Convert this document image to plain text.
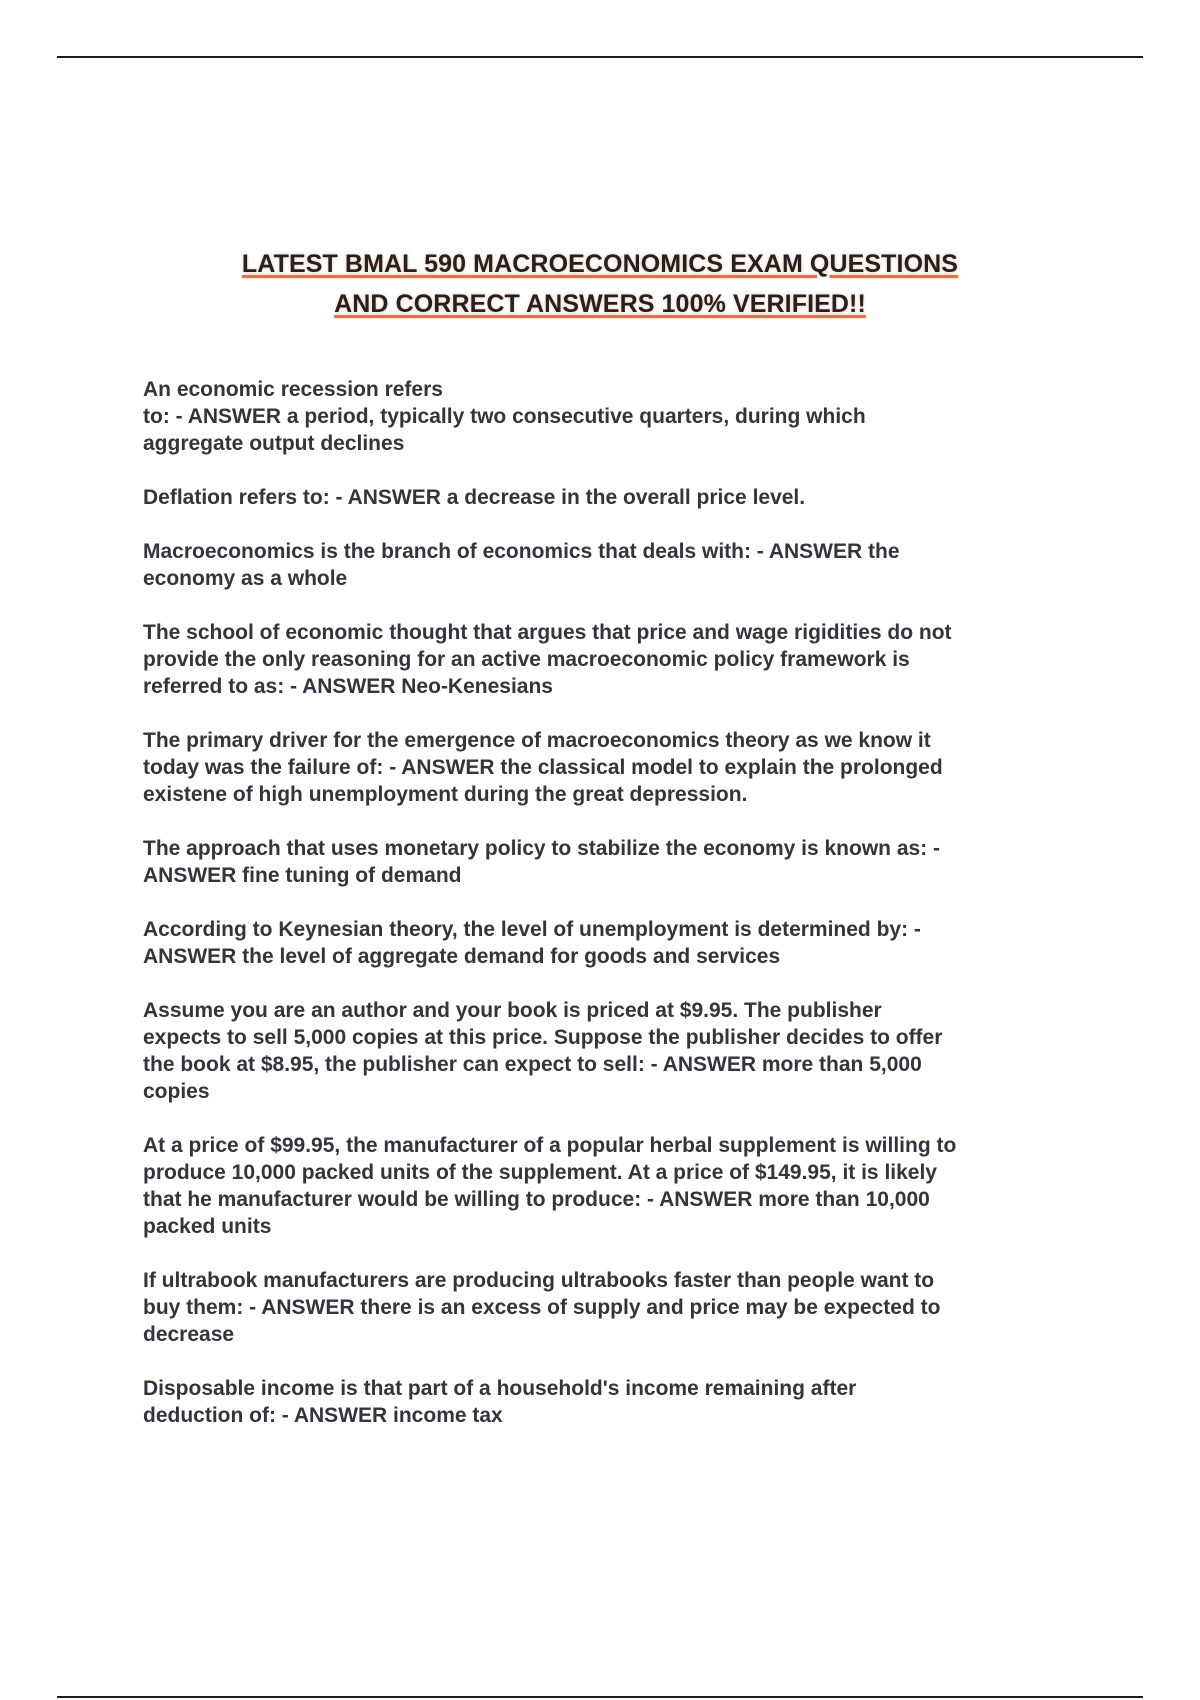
LATEST BMAL 590 MACROECONOMICS EXAM QUESTIONS
AND CORRECT ANSWERS 100% VERIFIED!!
An economic recession refers
to: - ANSWER a period, typically two consecutive quarters, during which
aggregate output declines
Deflation refers to: - ANSWER a decrease in the overall price level.
Macroeconomics is the branch of economics that deals with: - ANSWER the
economy as a whole
The school of economic thought that argues that price and wage rigidities do not
provide the only reasoning for an active macroeconomic policy framework is
referred to as: - ANSWER Neo-Kenesians
The primary driver for the emergence of macroeconomics theory as we know it
today was the failure of: - ANSWER the classical model to explain the prolonged
existene of high unemployment during the great depression.
The approach that uses monetary policy to stabilize the economy is known as: -
ANSWER fine tuning of demand
According to Keynesian theory, the level of unemployment is determined by: -
ANSWER the level of aggregate demand for goods and services
Assume you are an author and your book is priced at $9.95. The publisher
expects to sell 5,000 copies at this price. Suppose the publisher decides to offer
the book at $8.95, the publisher can expect to sell: - ANSWER more than 5,000
copies
At a price of $99.95, the manufacturer of a popular herbal supplement is willing to
produce 10,000 packed units of the supplement. At a price of $149.95, it is likely
that he manufacturer would be willing to produce: - ANSWER more than 10,000
packed units
If ultrabook manufacturers are producing ultrabooks faster than people want to
buy them: - ANSWER there is an excess of supply and price may be expected to
decrease
Disposable income is that part of a household's income remaining after
deduction of: - ANSWER income tax
